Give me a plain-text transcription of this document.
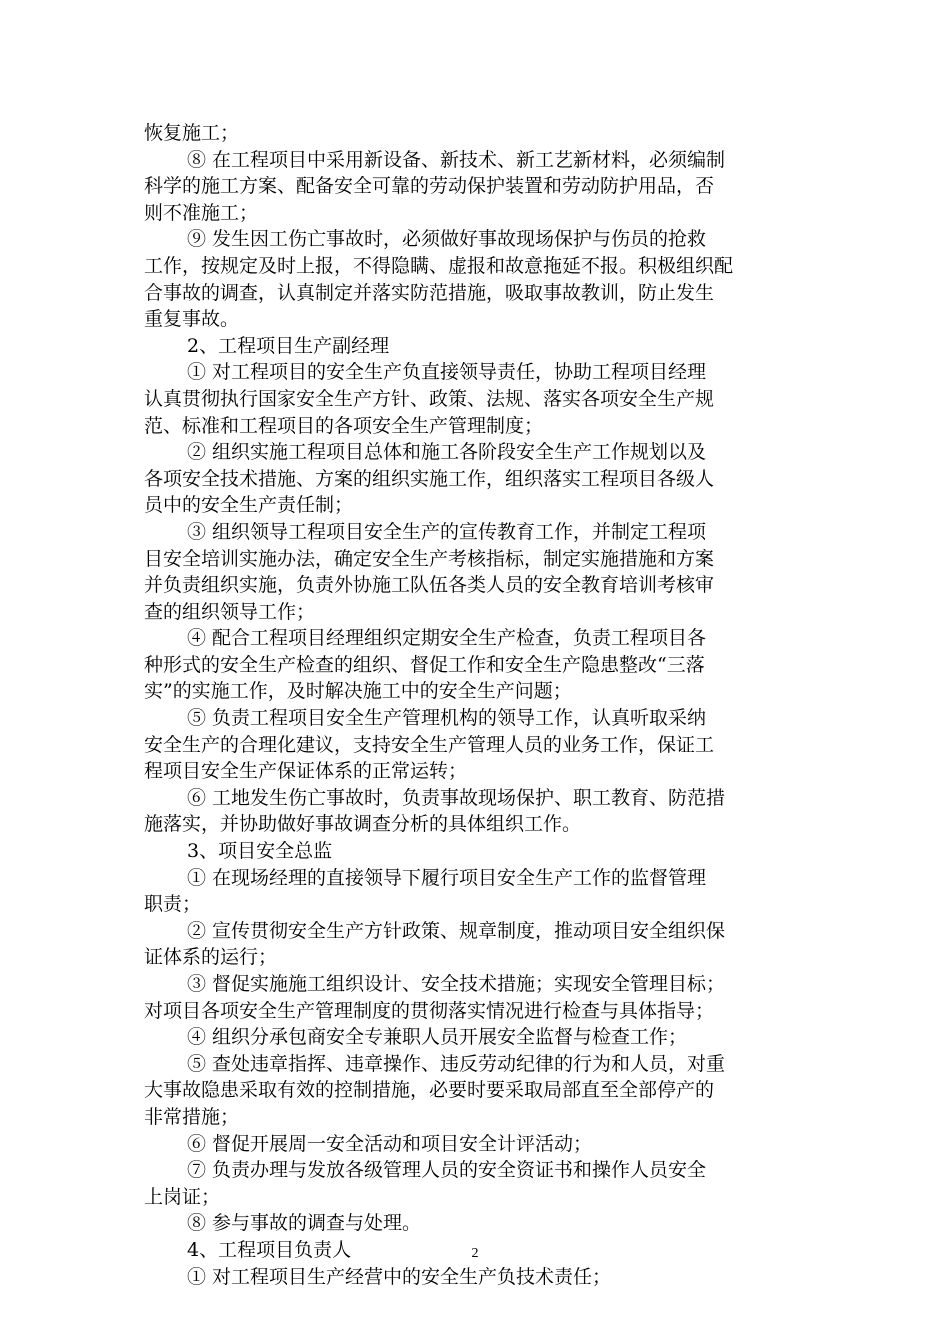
恢复施工；
⑧ 在工程项目中采用新设备、新技术、新工艺新材料，必须编制
科学的施工方案、配备安全可靠的劳动保护装置和劳动防护用品，否
则不准施工；
⑨ 发生因工伤亡事故时，必须做好事故现场保护与伤员的抢救
工作，按规定及时上报，不得隐瞒、虚报和故意拖延不报。积极组织配
合事故的调查，认真制定并落实防范措施，吸取事故教训，防止发生
重复事故。
2、工程项目生产副经理
① 对工程项目的安全生产负直接领导责任，协助工程项目经理
认真贯彻执行国家安全生产方针、政策、法规、落实各项安全生产规
范、标准和工程项目的各项安全生产管理制度；
② 组织实施工程项目总体和施工各阶段安全生产工作规划以及
各项安全技术措施、方案的组织实施工作，组织落实工程项目各级人
员中的安全生产责任制；
③ 组织领导工程项目安全生产的宣传教育工作，并制定工程项
目安全培训实施办法，确定安全生产考核指标，制定实施措施和方案
并负责组织实施，负责外协施工队伍各类人员的安全教育培训考核审
查的组织领导工作；
④ 配合工程项目经理组织定期安全生产检查，负责工程项目各
种形式的安全生产检查的组织、督促工作和安全生产隐患整改“三落
实”的实施工作，及时解决施工中的安全生产问题；
⑤ 负责工程项目安全生产管理机构的领导工作，认真听取采纳
安全生产的合理化建议，支持安全生产管理人员的业务工作，保证工
程项目安全生产保证体系的正常运转；
⑥ 工地发生伤亡事故时，负责事故现场保护、职工教育、防范措
施落实，并协助做好事故调查分析的具体组织工作。
3、项目安全总监
① 在现场经理的直接领导下履行项目安全生产工作的监督管理
职责；
② 宣传贯彻安全生产方针政策、规章制度，推动项目安全组织保
证体系的运行；
③ 督促实施施工组织设计、安全技术措施；实现安全管理目标；
对项目各项安全生产管理制度的贯彻落实情况进行检查与具体指导；
④ 组织分承包商安全专兼职人员开展安全监督与检查工作；
⑤ 查处违章指挥、违章操作、违反劳动纪律的行为和人员，对重
大事故隐患采取有效的控制措施，必要时要采取局部直至全部停产的
非常措施；
⑥ 督促开展周一安全活动和项目安全计评活动；
⑦ 负责办理与发放各级管理人员的安全资证书和操作人员安全
上岗证；
⑧ 参与事故的调查与处理。
4、工程项目负责人
① 对工程项目生产经营中的安全生产负技术责任；
2
